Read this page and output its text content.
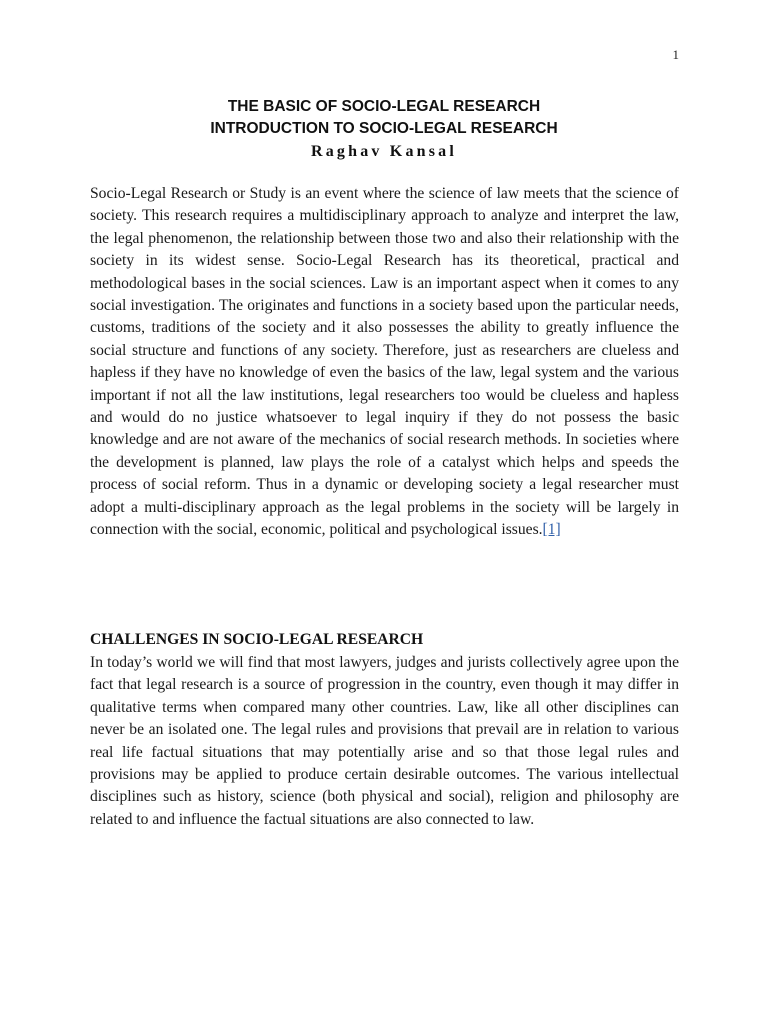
1
THE BASIC OF SOCIO-LEGAL RESEARCH
INTRODUCTION TO SOCIO-LEGAL RESEARCH
Raghav Kansal

Socio-Legal Research or Study is an event where the science of law meets that the science of society. This research requires a multidisciplinary approach to analyze and interpret the law, the legal phenomenon, the relationship between those two and also their relationship with the society in its widest sense. Socio-Legal Research has its theoretical, practical and methodological bases in the social sciences. Law is an important aspect when it comes to any social investigation. The originates and functions in a society based upon the particular needs, customs, traditions of the society and it also possesses the ability to greatly influence the social structure and functions of any society. Therefore, just as researchers are clueless and hapless if they have no knowledge of even the basics of the law, legal system and the various important if not all the law institutions, legal researchers too would be clueless and hapless and would do no justice whatsoever to legal inquiry if they do not possess the basic knowledge and are not aware of the mechanics of social research methods. In societies where the development is planned, law plays the role of a catalyst which helps and speeds the process of social reform. Thus in a dynamic or developing society a legal researcher must adopt a multi-disciplinary approach as the legal problems in the society will be largely in connection with the social, economic, political and psychological issues.[1]

CHALLENGES IN SOCIO-LEGAL RESEARCH

In today’s world we will find that most lawyers, judges and jurists collectively agree upon the fact that legal research is a source of progression in the country, even though it may differ in qualitative terms when compared many other countries. Law, like all other disciplines can never be an isolated one. The legal rules and provisions that prevail are in relation to various real life factual situations that may potentially arise and so that those legal rules and provisions may be applied to produce certain desirable outcomes. The various intellectual disciplines such as history, science (both physical and social), religion and philosophy are related to and influence the factual situations are also connected to law.
